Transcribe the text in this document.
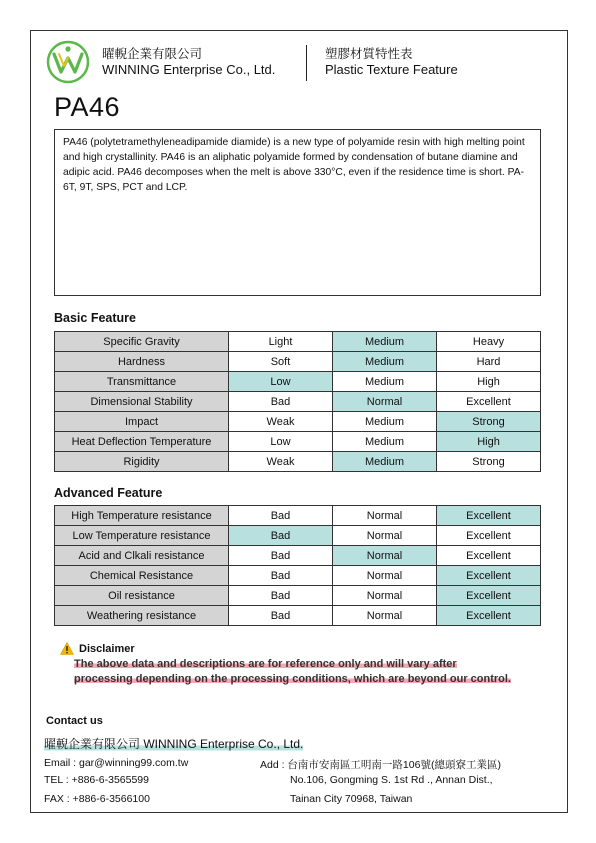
曜輗企業有限公司
WINNING Enterprise Co., Ltd.
塑膠材質特性表
Plastic Texture Feature
PA46
PA46 (polytetramethyleneadipamide diamide) is a new type of polyamide resin with high melting point and high crystallinity. PA46 is an aliphatic polyamide formed by condensation of butane diamine and adipic acid. PA46 decomposes when the melt is above 330°C, even if the residence time is short. PA-6T, 9T, SPS, PCT and LCP.
Basic Feature
Specific Gravity	Light	Medium	Heavy
Hardness	Soft	Medium	Hard
Transmittance	Low	Medium	High
Dimensional Stability	Bad	Normal	Excellent
Impact	Weak	Medium	Strong
Heat Deflection Temperature	Low	Medium	High
Rigidity	Weak	Medium	Strong
Advanced Feature
High Temperature resistance	Bad	Normal	Excellent
Low Temperature resistance	Bad	Normal	Excellent
Acid and Clkali resistance	Bad	Normal	Excellent
Chemical Resistance	Bad	Normal	Excellent
Oil resistance	Bad	Normal	Excellent
Weathering resistance	Bad	Normal	Excellent
Disclaimer
The above data and descriptions are for reference only and will vary after processing depending on the processing conditions, which are beyond our control.
Contact us
曜輗企業有限公司 WINNING Enterprise Co., Ltd.
Email : gar@winning99.com.tw
TEL : +886-6-3565599
FAX : +886-6-3566100
Add : 台南市安南區工明南一路106號(總頭寮工業區)
No.106, Gongming S. 1st Rd ., Annan Dist.,
Tainan City 70968, Taiwan
